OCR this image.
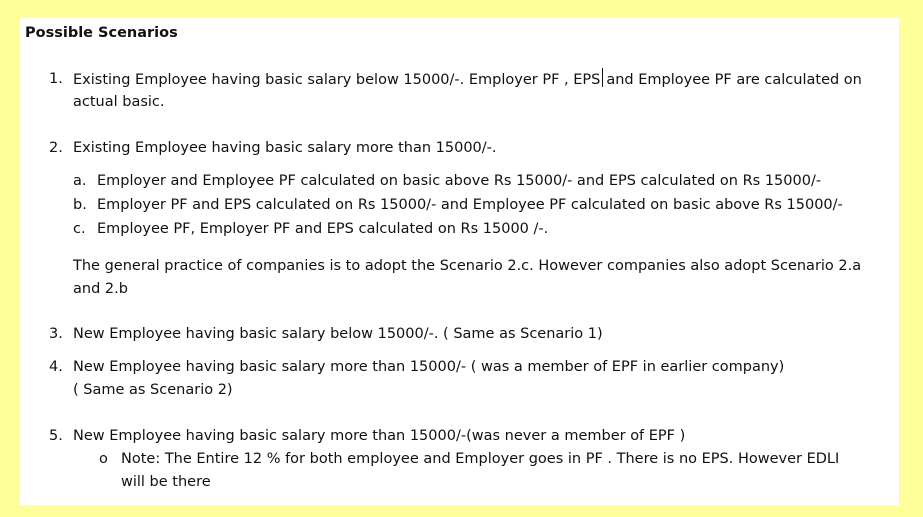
Possible Scenarios
1. Existing Employee having basic salary below 15000/-. Employer PF , EPS and Employee PF are calculated on
actual basic.
2. Existing Employee having basic salary more than 15000/-.
a. Employer and Employee PF calculated on basic above Rs 15000/- and EPS calculated on Rs 15000/-
b. Employer PF and EPS calculated on Rs 15000/- and Employee PF calculated on basic above Rs 15000/-
c. Employee PF, Employer PF and EPS calculated on Rs 15000 /-.
The general practice of companies is to adopt the Scenario 2.c. However companies also adopt Scenario 2.a
and 2.b
3. New Employee having basic salary below 15000/-. ( Same as Scenario 1)
4. New Employee having basic salary more than 15000/- ( was a member of EPF in earlier company)
( Same as Scenario 2)
5. New Employee having basic salary more than 15000/-(was never a member of EPF )
o Note: The Entire 12 % for both employee and Employer goes in PF . There is no EPS. However EDLI
will be there
